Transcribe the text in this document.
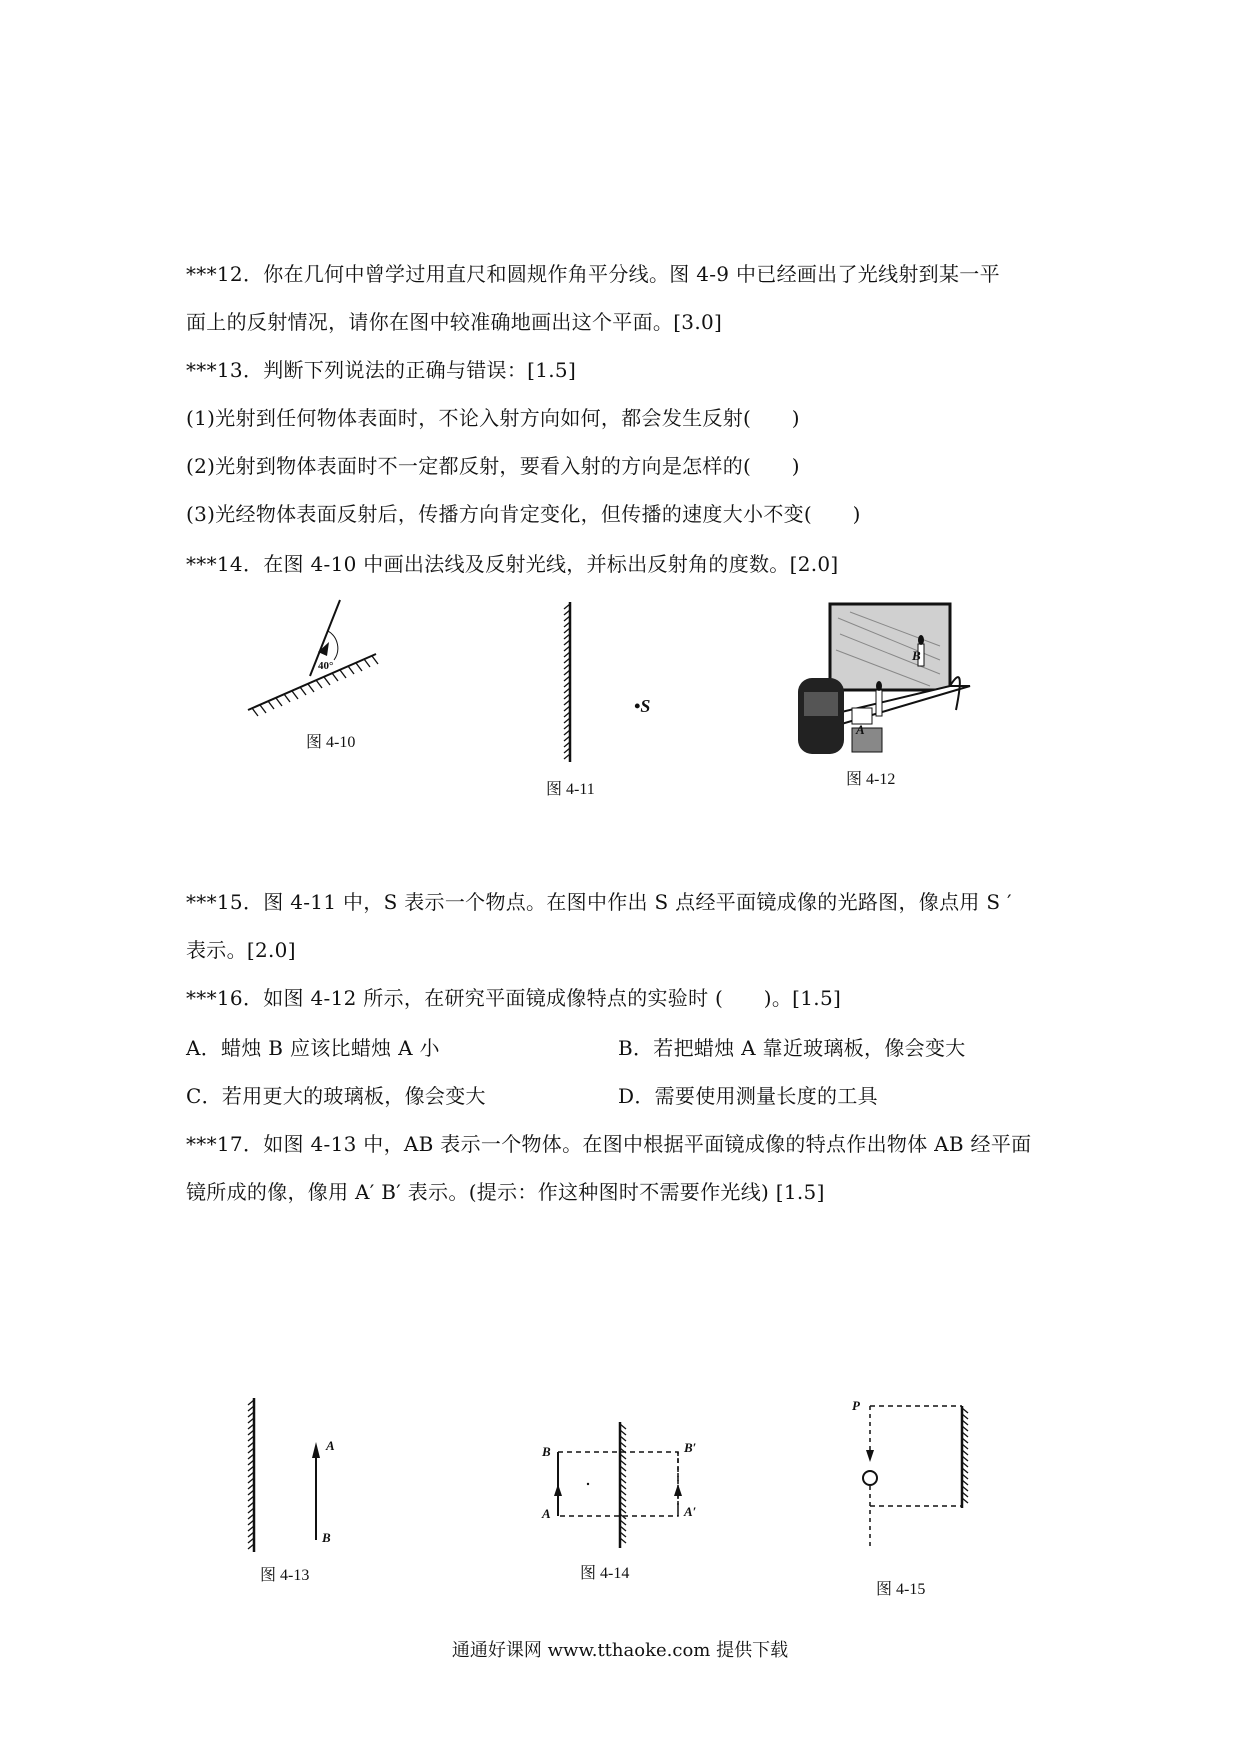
***12．你在几何中曾学过用直尺和圆规作角平分线。图 4-9 中已经画出了光线射到某一平
面上的反射情况，请你在图中较准确地画出这个平面。[3.0]
***13．判断下列说法的正确与错误：[1.5]
(1)光射到任何物体表面时，不论入射方向如何，都会发生反射(　　)
(2)光射到物体表面时不一定都反射，要看入射的方向是怎样的(　　)
(3)光经物体表面反射后，传播方向肯定变化，但传播的速度大小不变(　　)
***14．在图 4-10 中画出法线及反射光线，并标出反射角的度数。[2.0]
40°
图 4-10
•S
图 4-11
B
A
图 4-12
***15．图 4-11 中，S 表示一个物点。在图中作出 S 点经平面镜成像的光路图，像点用 S ′
表示。[2.0]
***16．如图 4-12 所示，在研究平面镜成像特点的实验时 (　　)。[1.5]
A．蜡烛 B 应该比蜡烛 A 小	B．若把蜡烛 A 靠近玻璃板，像会变大
C．若用更大的玻璃板，像会变大	D．需要使用测量长度的工具
***17．如图 4-13 中，AB 表示一个物体。在图中根据平面镜成像的特点作出物体 AB 经平面
镜所成的像，像用 A′ B′ 表示。(提示：作这种图时不需要作光线) [1.5]
A
B
图 4-13
B
A
B′
A′
图 4-14
P
图 4-15
通通好课网 www.tthaoke.com 提供下载
